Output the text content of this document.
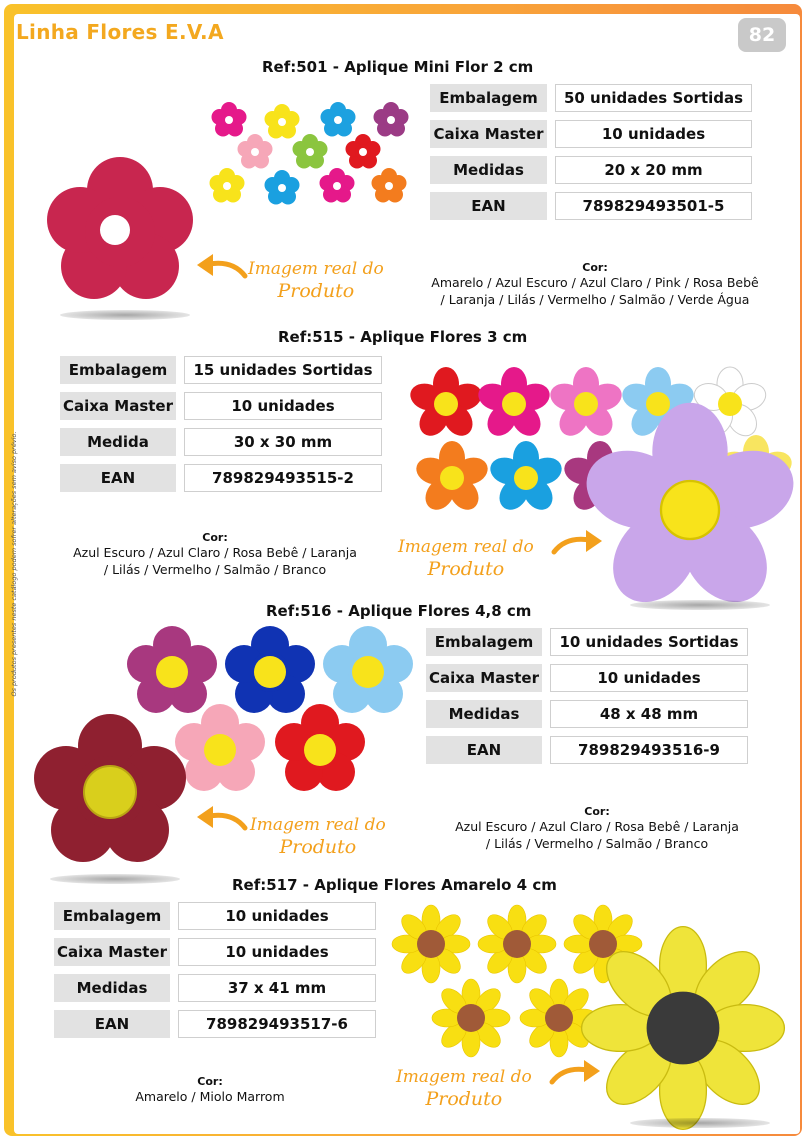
Linha Flores E.V.A	82
Os produtos presentes neste catálogo podem sofrer alterações sem aviso prévio.
Ref:501 - Aplique Mini Flor 2 cm
Imagem real do
Produto
Embalagem	50 unidades Sortidas
Caixa Master	10 unidades
Medidas	20 x 20 mm
EAN	789829493501-5
Cor:
Amarelo / Azul Escuro / Azul Claro / Pink / Rosa Bebê
/ Laranja / Lilás / Vermelho / Salmão / Verde Água
Ref:515 - Aplique Flores 3 cm
Embalagem	15 unidades Sortidas
Caixa Master	10 unidades
Medida	30 x 30 mm
EAN	789829493515-2
Cor:
Azul Escuro / Azul Claro / Rosa Bebê / Laranja
/ Lilás / Vermelho / Salmão / Branco
Imagem real do
Produto
Ref:516 - Aplique Flores 4,8 cm
Imagem real do
Produto
Embalagem	10 unidades Sortidas
Caixa Master	10 unidades
Medidas	48 x 48 mm
EAN	789829493516-9
Cor:
Azul Escuro / Azul Claro / Rosa Bebê / Laranja
/ Lilás / Vermelho / Salmão / Branco
Ref:517 - Aplique Flores Amarelo 4 cm
Embalagem	10 unidades
Caixa Master	10 unidades
Medidas	37 x 41 mm
EAN	789829493517-6
Cor:
Amarelo / Miolo Marrom
Imagem real do
Produto
